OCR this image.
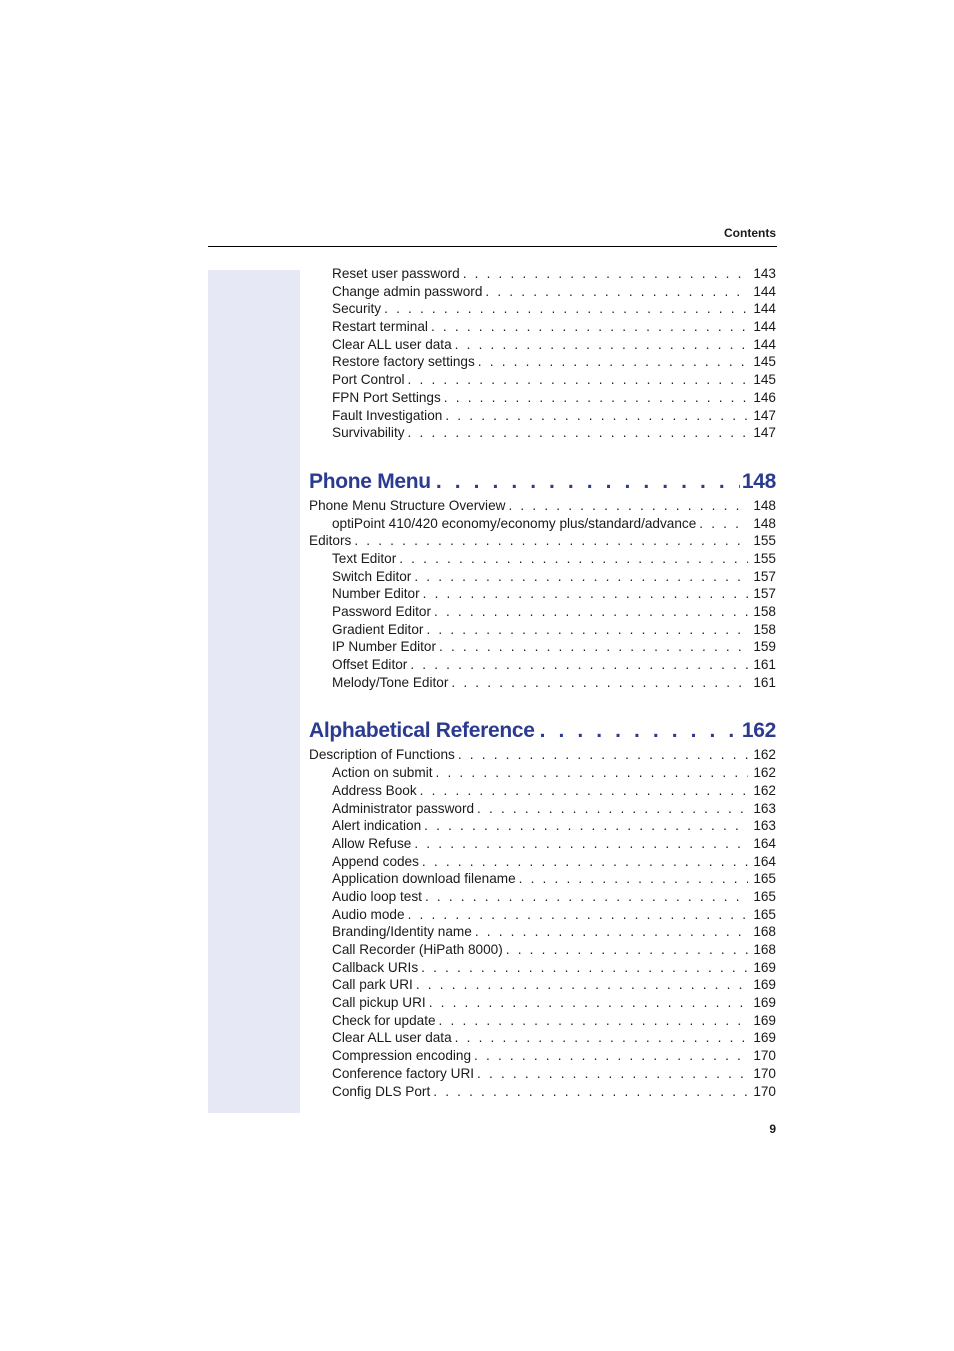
Contents
Reset user password . . .	143
Change admin password . . .	144
Security . . .	144
Restart terminal . . .	144
Clear ALL user data . . .	144
Restore factory settings . . .	145
Port Control . . .	145
FPN Port Settings . . .	146
Fault Investigation . . .	147
Survivability . . .	147
Phone Menu . . .	148
Phone Menu Structure Overview . . .	148
optiPoint 410/420 economy/economy plus/standard/advance . . .	148
Editors . . .	155
Text Editor . . .	155
Switch Editor . . .	157
Number Editor . . .	157
Password Editor . . .	158
Gradient Editor . . .	158
IP Number Editor . . .	159
Offset Editor . . .	161
Melody/Tone Editor . . .	161
Alphabetical Reference . . .	162
Description of Functions . . .	162
Action on submit . . .	162
Address Book . . .	162
Administrator password . . .	163
Alert indication . . .	163
Allow Refuse . . .	164
Append codes . . .	164
Application download filename . . .	165
Audio loop test . . .	165
Audio mode . . .	165
Branding/Identity name . . .	168
Call Recorder (HiPath 8000) . . .	168
Callback URIs . . .	169
Call park URI . . .	169
Call pickup URI . . .	169
Check for update . . .	169
Clear ALL user data . . .	169
Compression encoding . . .	170
Conference factory URI . . .	170
Config DLS Port . . .	170
9
